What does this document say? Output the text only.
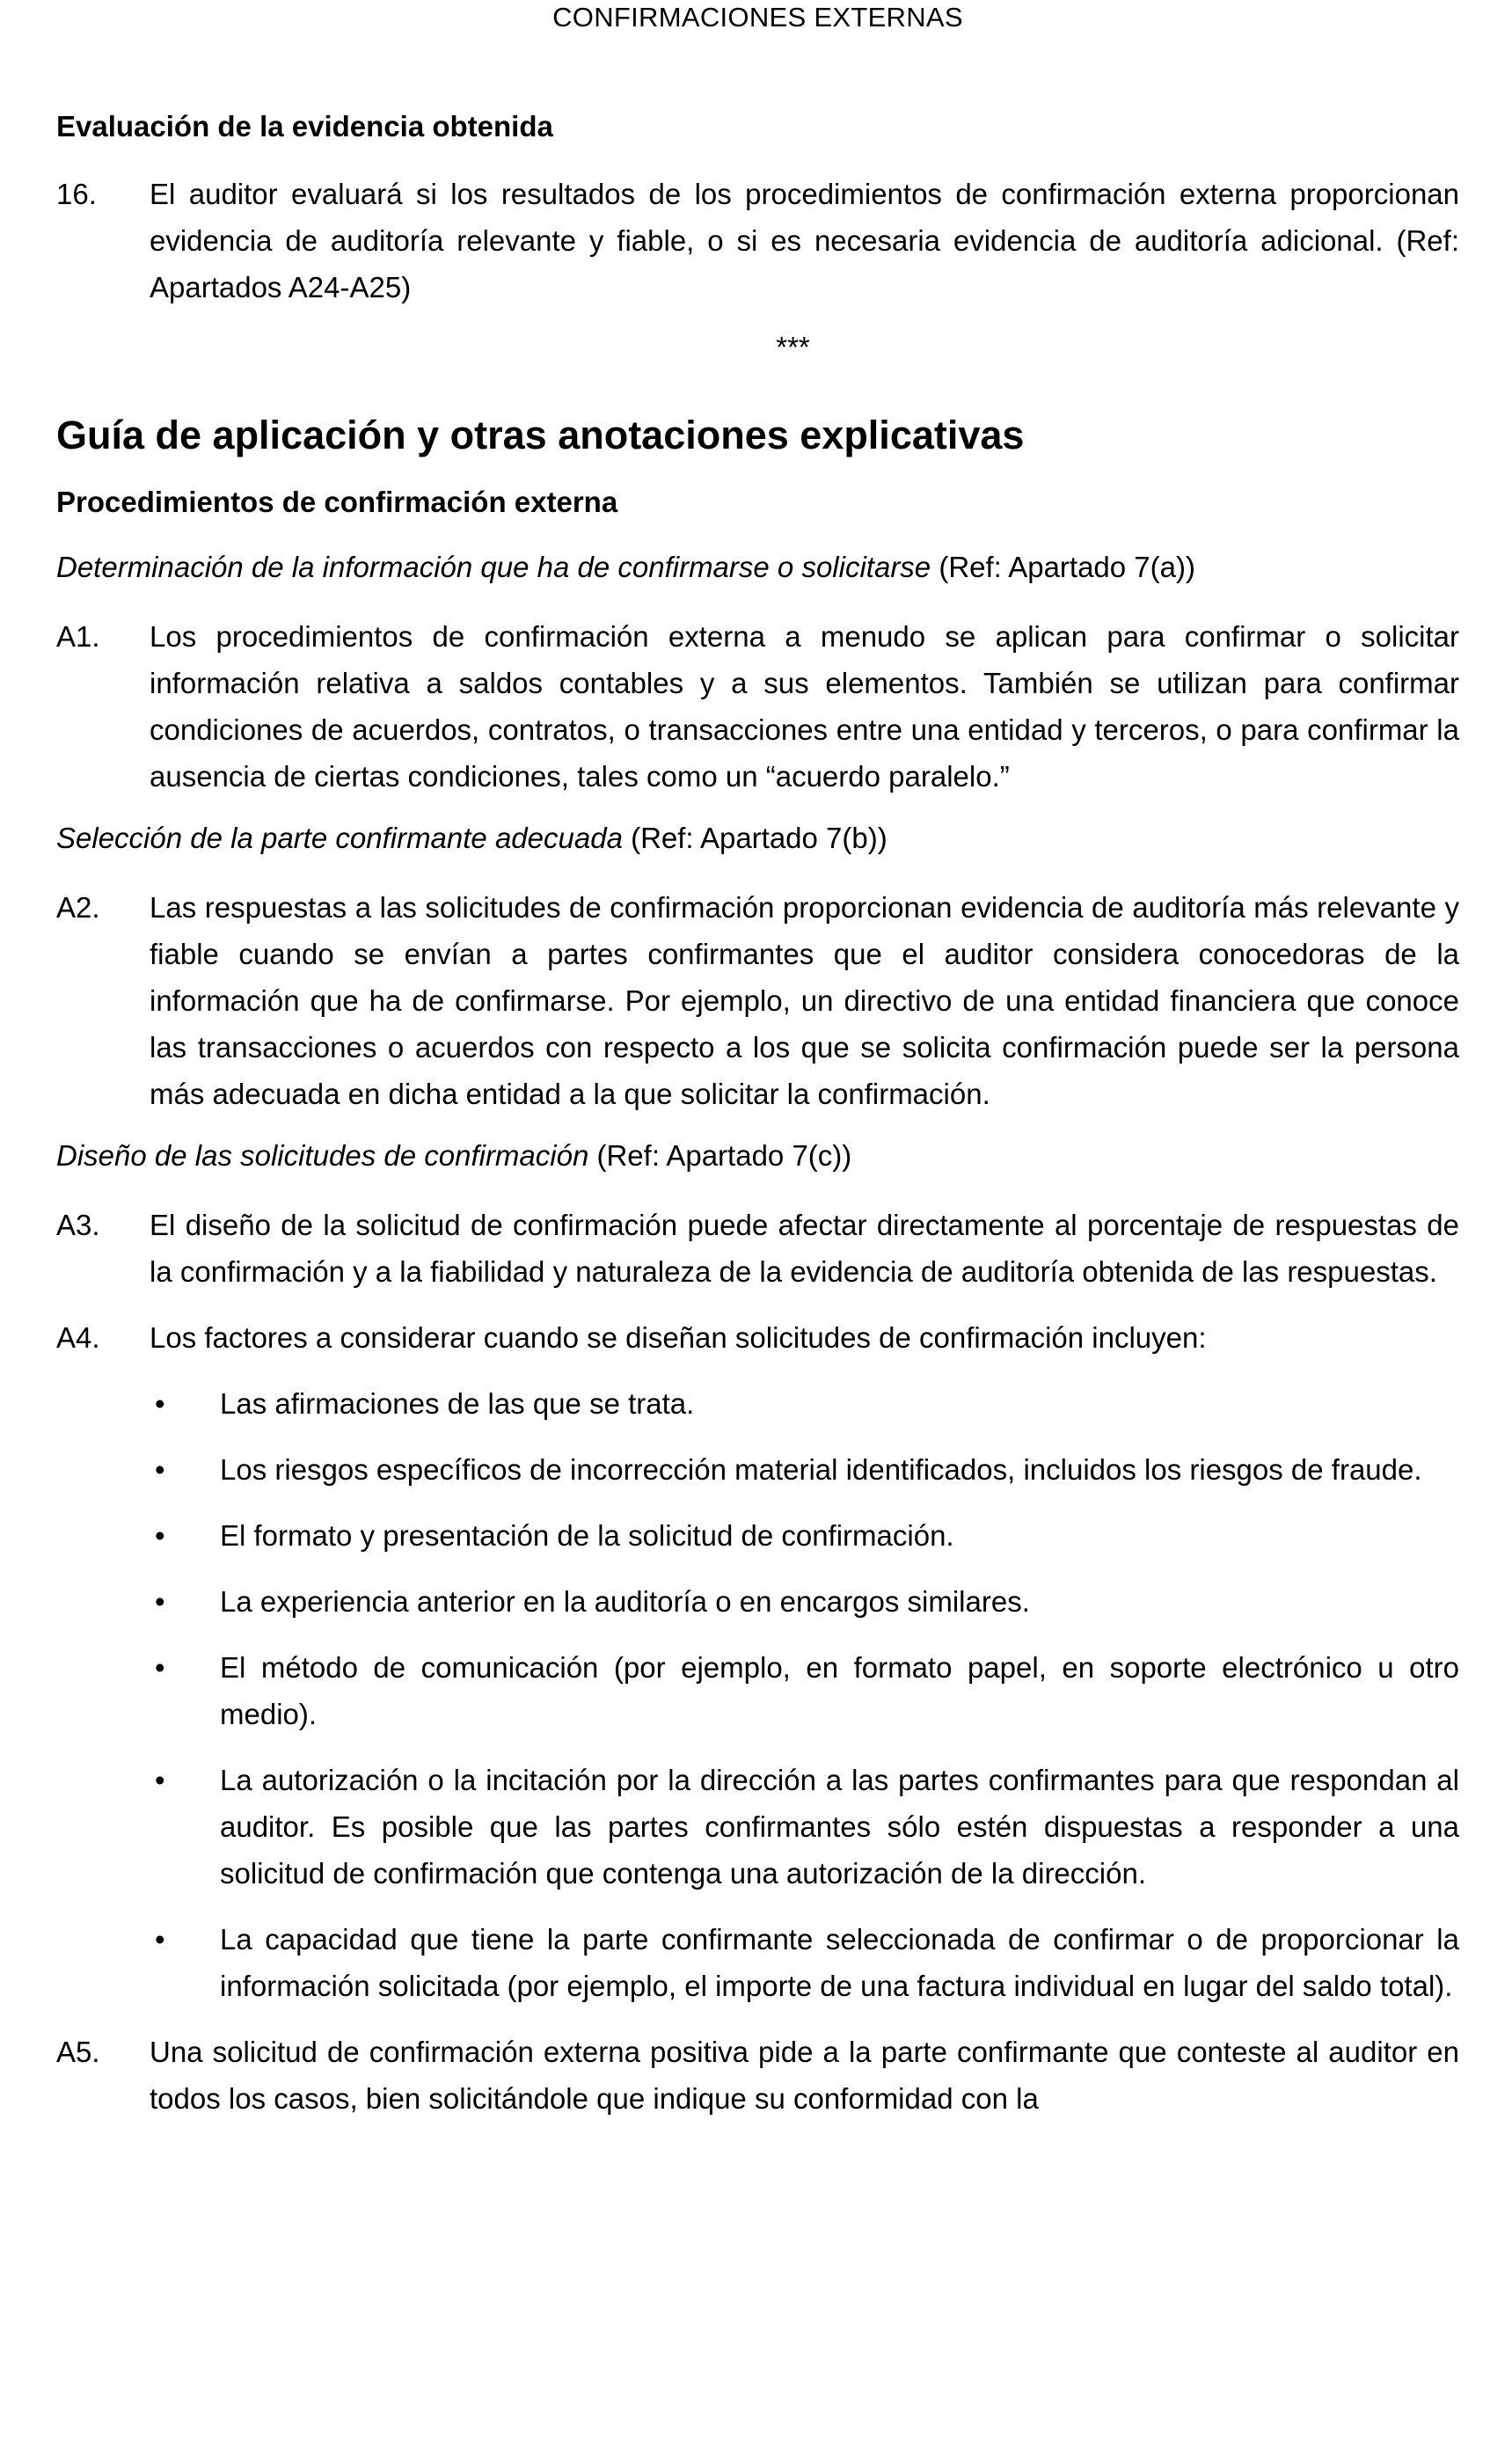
CONFIRMACIONES EXTERNAS
Evaluación de la evidencia obtenida
16.	El auditor evaluará si los resultados de los procedimientos de confirmación externa proporcionan evidencia de auditoría relevante y fiable, o si es necesaria evidencia de auditoría adicional. (Ref: Apartados A24-A25)
***
Guía de aplicación y otras anotaciones explicativas
Procedimientos de confirmación externa
Determinación de la información que ha de confirmarse o solicitarse (Ref: Apartado 7(a))
A1.	Los procedimientos de confirmación externa a menudo se aplican para confirmar o solicitar información relativa a saldos contables y a sus elementos. También se utilizan para confirmar condiciones de acuerdos, contratos, o transacciones entre una entidad y terceros, o para confirmar la ausencia de ciertas condiciones, tales como un “acuerdo paralelo.”
Selección de la parte confirmante adecuada (Ref: Apartado 7(b))
A2.	Las respuestas a las solicitudes de confirmación proporcionan evidencia de auditoría más relevante y fiable cuando se envían a partes confirmantes que el auditor considera conocedoras de la información que ha de confirmarse. Por ejemplo, un directivo de una entidad financiera que conoce las transacciones o acuerdos con respecto a los que se solicita confirmación puede ser la persona más adecuada en dicha entidad a la que solicitar la confirmación.
Diseño de las solicitudes de confirmación (Ref: Apartado 7(c))
A3.	El diseño de la solicitud de confirmación puede afectar directamente al porcentaje de respuestas de la confirmación y a la fiabilidad y naturaleza de la evidencia de auditoría obtenida de las respuestas.
A4.	Los factores a considerar cuando se diseñan solicitudes de confirmación incluyen:
•	Las afirmaciones de las que se trata.
•	Los riesgos específicos de incorrección material identificados, incluidos los riesgos de fraude.
•	El formato y presentación de la solicitud de confirmación.
•	La experiencia anterior en la auditoría o en encargos similares.
•	El método de comunicación (por ejemplo, en formato papel, en soporte electrónico u otro medio).
•	La autorización o la incitación por la dirección a las partes confirmantes para que respondan al auditor. Es posible que las partes confirmantes sólo estén dispuestas a responder a una solicitud de confirmación que contenga una autorización de la dirección.
•	La capacidad que tiene la parte confirmante seleccionada de confirmar o de proporcionar la información solicitada (por ejemplo, el importe de una factura individual en lugar del saldo total).
A5.	Una solicitud de confirmación externa positiva pide a la parte confirmante que conteste al auditor en todos los casos, bien solicitándole que indique su conformidad con la
